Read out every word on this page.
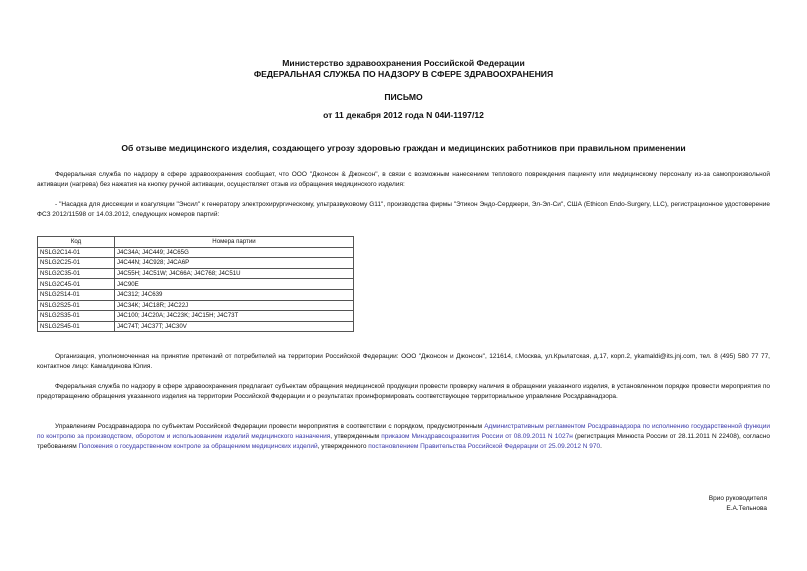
Министерство здравоохранения Российской Федерации
ФЕДЕРАЛЬНАЯ СЛУЖБА ПО НАДЗОРУ В СФЕРЕ ЗДРАВООХРАНЕНИЯ
ПИСЬМО
от 11 декабря 2012 года N 04И-1197/12
Об отзыве медицинского изделия, создающего угрозу здоровью граждан и медицинских работников при правильном применении
Федеральная служба по надзору в сфере здравоохранения сообщает, что ООО "Джонсон & Джонсон", в связи с возможным нанесением теплового повреждения пациенту или медицинскому персоналу из-за самопроизвольной активации (нагрева) без нажатия на кнопку ручной активации, осуществляет отзыв из обращения медицинского изделия:
- "Насадка для диссекции и коагуляции "Энсил" к генератору электрохирургическому, ультразвуковому G11", производства фирмы "Этикон Эндо-Серджери, Эл-Эл-Си", США (Ethicon Endo-Surgery, LLC), регистрационное удостоверение ФСЗ 2012/11598 от 14.03.2012, следующих номеров партий:
Код	Номера партии
NSLG2C14-01	J4C34A; J4C449; J4C65G
NSLG2C25-01	J4C44N; J4C928; J4CA6P
NSLG2C35-01	J4C55H; J4C51W; J4C66A; J4C768; J4C51U
NSLG2C45-01	J4C90E
NSLG2S14-01	J4C312; J4C639
NSLG2S25-01	J4C34K; J4C18R; J4C22J
NSLG2S35-01	J4C100; J4C20A; J4C23K; J4C15H; J4C73T
NSLG2S45-01	J4C74T; J4C37T; J4C30V
Организация, уполномоченная на принятие претензий от потребителей на территории Российской Федерации: ООО "Джонсон и Джонсон", 121614, г.Москва, ул.Крылатская, д.17, корп.2, ykamaldi@its.jnj.com, тел. 8 (495) 580 77 77, контактное лицо: Камалдинова Юлия.
Федеральная служба по надзору в сфере здравоохранения предлагает субъектам обращения медицинской продукции провести проверку наличия в обращении указанного изделия, в установленном порядке провести мероприятия по предотвращению обращения указанного изделия на территории Российской Федерации и о результатах проинформировать соответствующее территориальное управление Росздравнадзора.
Управлениям Росздравнадзора по субъектам Российской Федерации провести мероприятия в соответствии с порядком, предусмотренным Административным регламентом Росздравнадзора по исполнению государственной функции по контролю за производством, оборотом и использованием изделий медицинского назначения, утвержденным приказом Минздравсоцразвития России от 08.09.2011 N 1027н (регистрация Минюста России от 28.11.2011 N 22408), согласно требованиям Положения о государственном контроле за обращением медицинских изделий, утвержденного постановлением Правительства Российской Федерации от 25.09.2012 N 970.
Врио руководителя
Е.А.Тельнова
